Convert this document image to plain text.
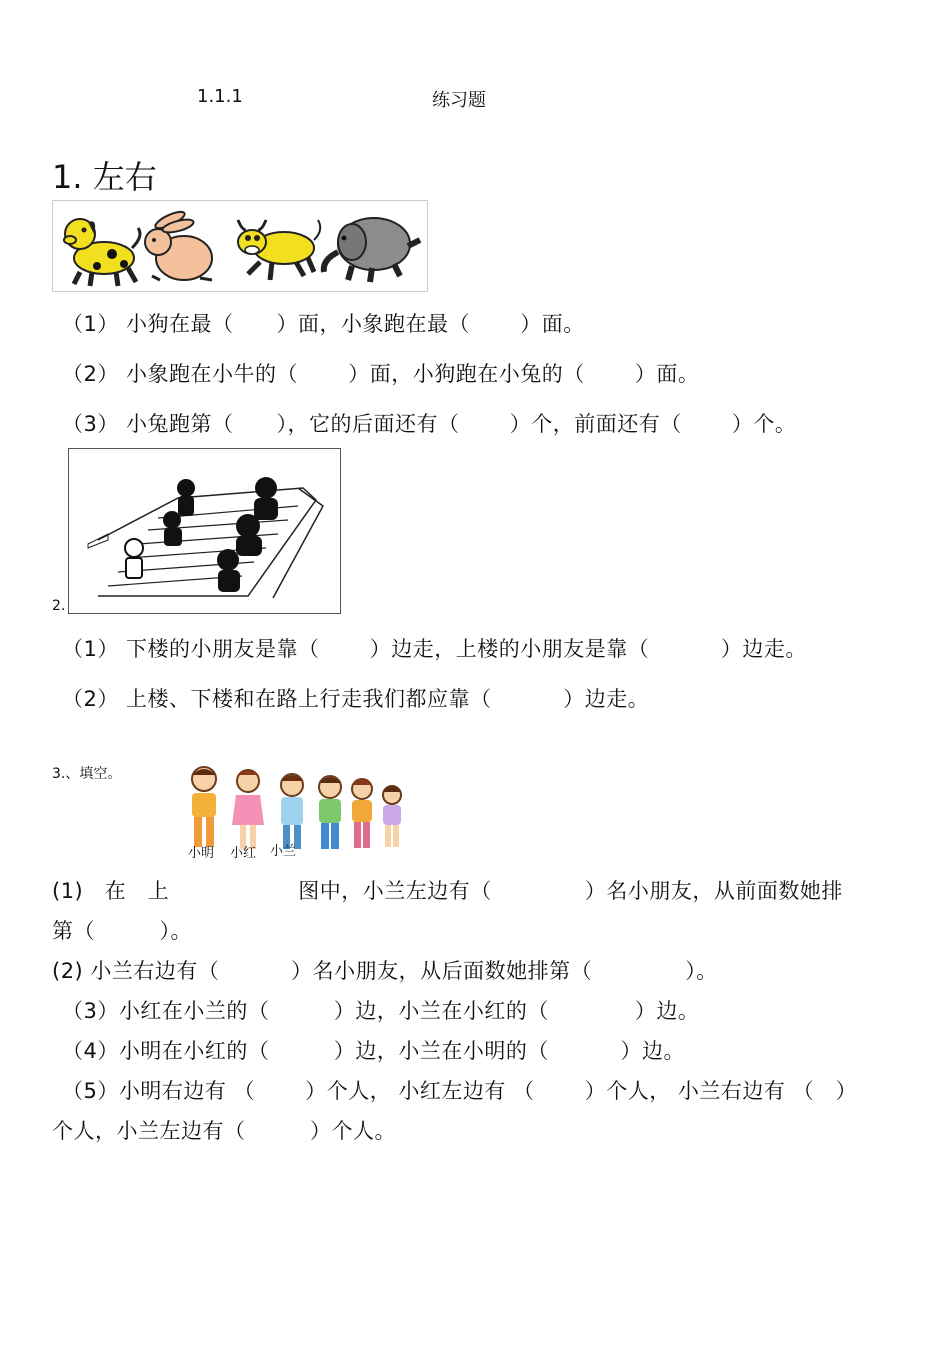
1.1.1	练习题
1. 左右
（1） 小狗在最（　　）面，小象跑在最（　　 ）面。
（2） 小象跑在小牛的（　　 ）面，小狗跑在小兔的（　　 ）面。
（3） 小兔跑第（　　），它的后面还有（　　 ）个，前面还有（　　 ）个。
2.
（1） 下楼的小朋友是靠（　　 ）边走，上楼的小朋友是靠（　　　 ）边走。
（2） 上楼、下楼和在路上行走我们都应靠（　　　 ）边走。
3.、填空。
小明 小红 小兰
(1)　在　上　　　　　　图中，小兰左边有（　　　　 ）名小朋友，从前面数她排
第（　　　）。
(2) 小兰右边有（　　　 ）名小朋友，从后面数她排第（　　　　 ）。
（3）小红在小兰的（　　　）边，小兰在小红的（　　　　）边。
（4）小明在小红的（　　　）边，小兰在小明的（　　　 ）边。
（5）小明右边有 （　　 ）个人， 小红左边有 （　　 ）个人， 小兰右边有 （　）
个人，小兰左边有（　　　）个人。
